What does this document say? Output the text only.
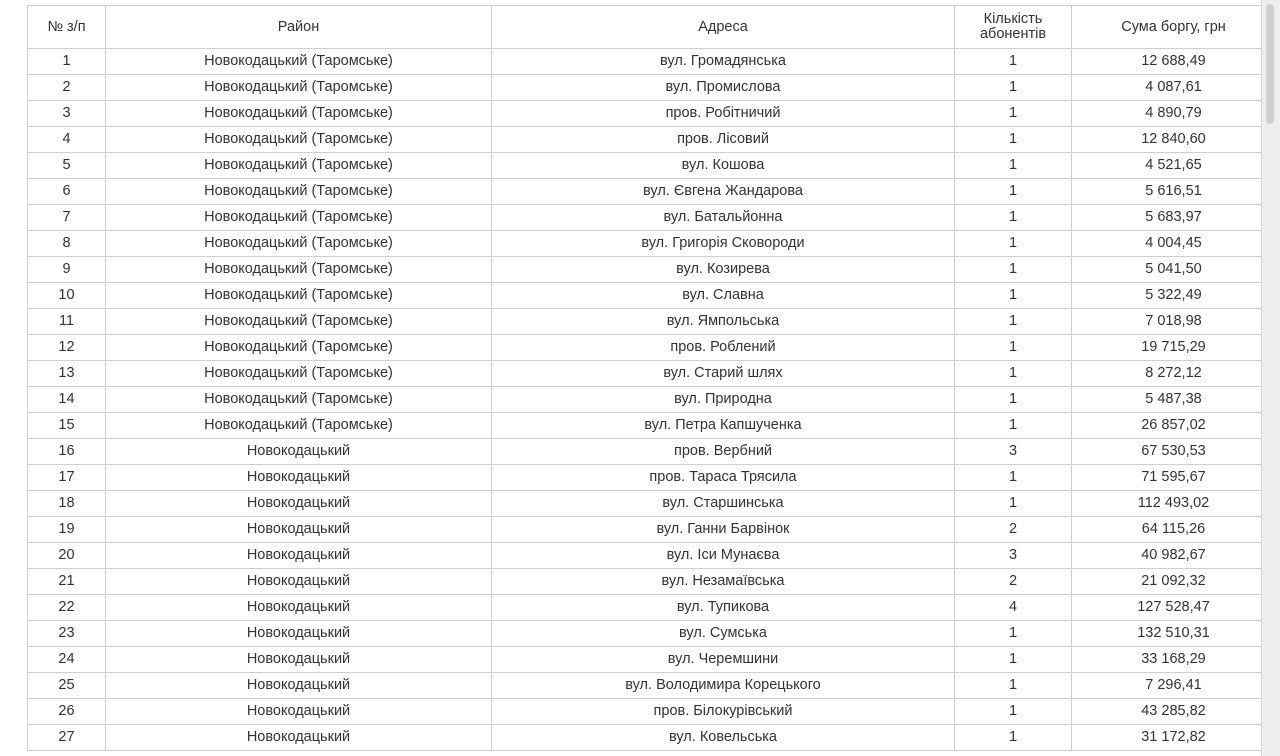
№ з/п	Район	Адреса	Кількість абонентів	Сума боргу, грн
1	Новокодацький (Таромське)	вул. Громадянська	1	12 688,49
2	Новокодацький (Таромське)	вул. Промислова	1	4 087,61
3	Новокодацький (Таромське)	пров. Робітничий	1	4 890,79
4	Новокодацький (Таромське)	пров. Лісовий	1	12 840,60
5	Новокодацький (Таромське)	вул. Кошова	1	4 521,65
6	Новокодацький (Таромське)	вул. Євгена Жандарова	1	5 616,51
7	Новокодацький (Таромське)	вул. Батальйонна	1	5 683,97
8	Новокодацький (Таромське)	вул. Григорія Сковороди	1	4 004,45
9	Новокодацький (Таромське)	вул. Козирева	1	5 041,50
10	Новокодацький (Таромське)	вул. Славна	1	5 322,49
11	Новокодацький (Таромське)	вул. Ямпольська	1	7 018,98
12	Новокодацький (Таромське)	пров. Роблений	1	19 715,29
13	Новокодацький (Таромське)	вул. Старий шлях	1	8 272,12
14	Новокодацький (Таромське)	вул. Природна	1	5 487,38
15	Новокодацький (Таромське)	вул. Петра Капшученка	1	26 857,02
16	Новокодацький	пров. Вербний	3	67 530,53
17	Новокодацький	пров. Тараса Трясила	1	71 595,67
18	Новокодацький	вул. Старшинська	1	112 493,02
19	Новокодацький	вул. Ганни Барвінок	2	64 115,26
20	Новокодацький	вул. Іси Мунаєва	3	40 982,67
21	Новокодацький	вул. Незамаївська	2	21 092,32
22	Новокодацький	вул. Тупикова	4	127 528,47
23	Новокодацький	вул. Сумська	1	132 510,31
24	Новокодацький	вул. Черемшини	1	33 168,29
25	Новокодацький	вул. Володимира Корецького	1	7 296,41
26	Новокодацький	пров. Білокурівський	1	43 285,82
27	Новокодацький	вул. Ковельська	1	31 172,82
